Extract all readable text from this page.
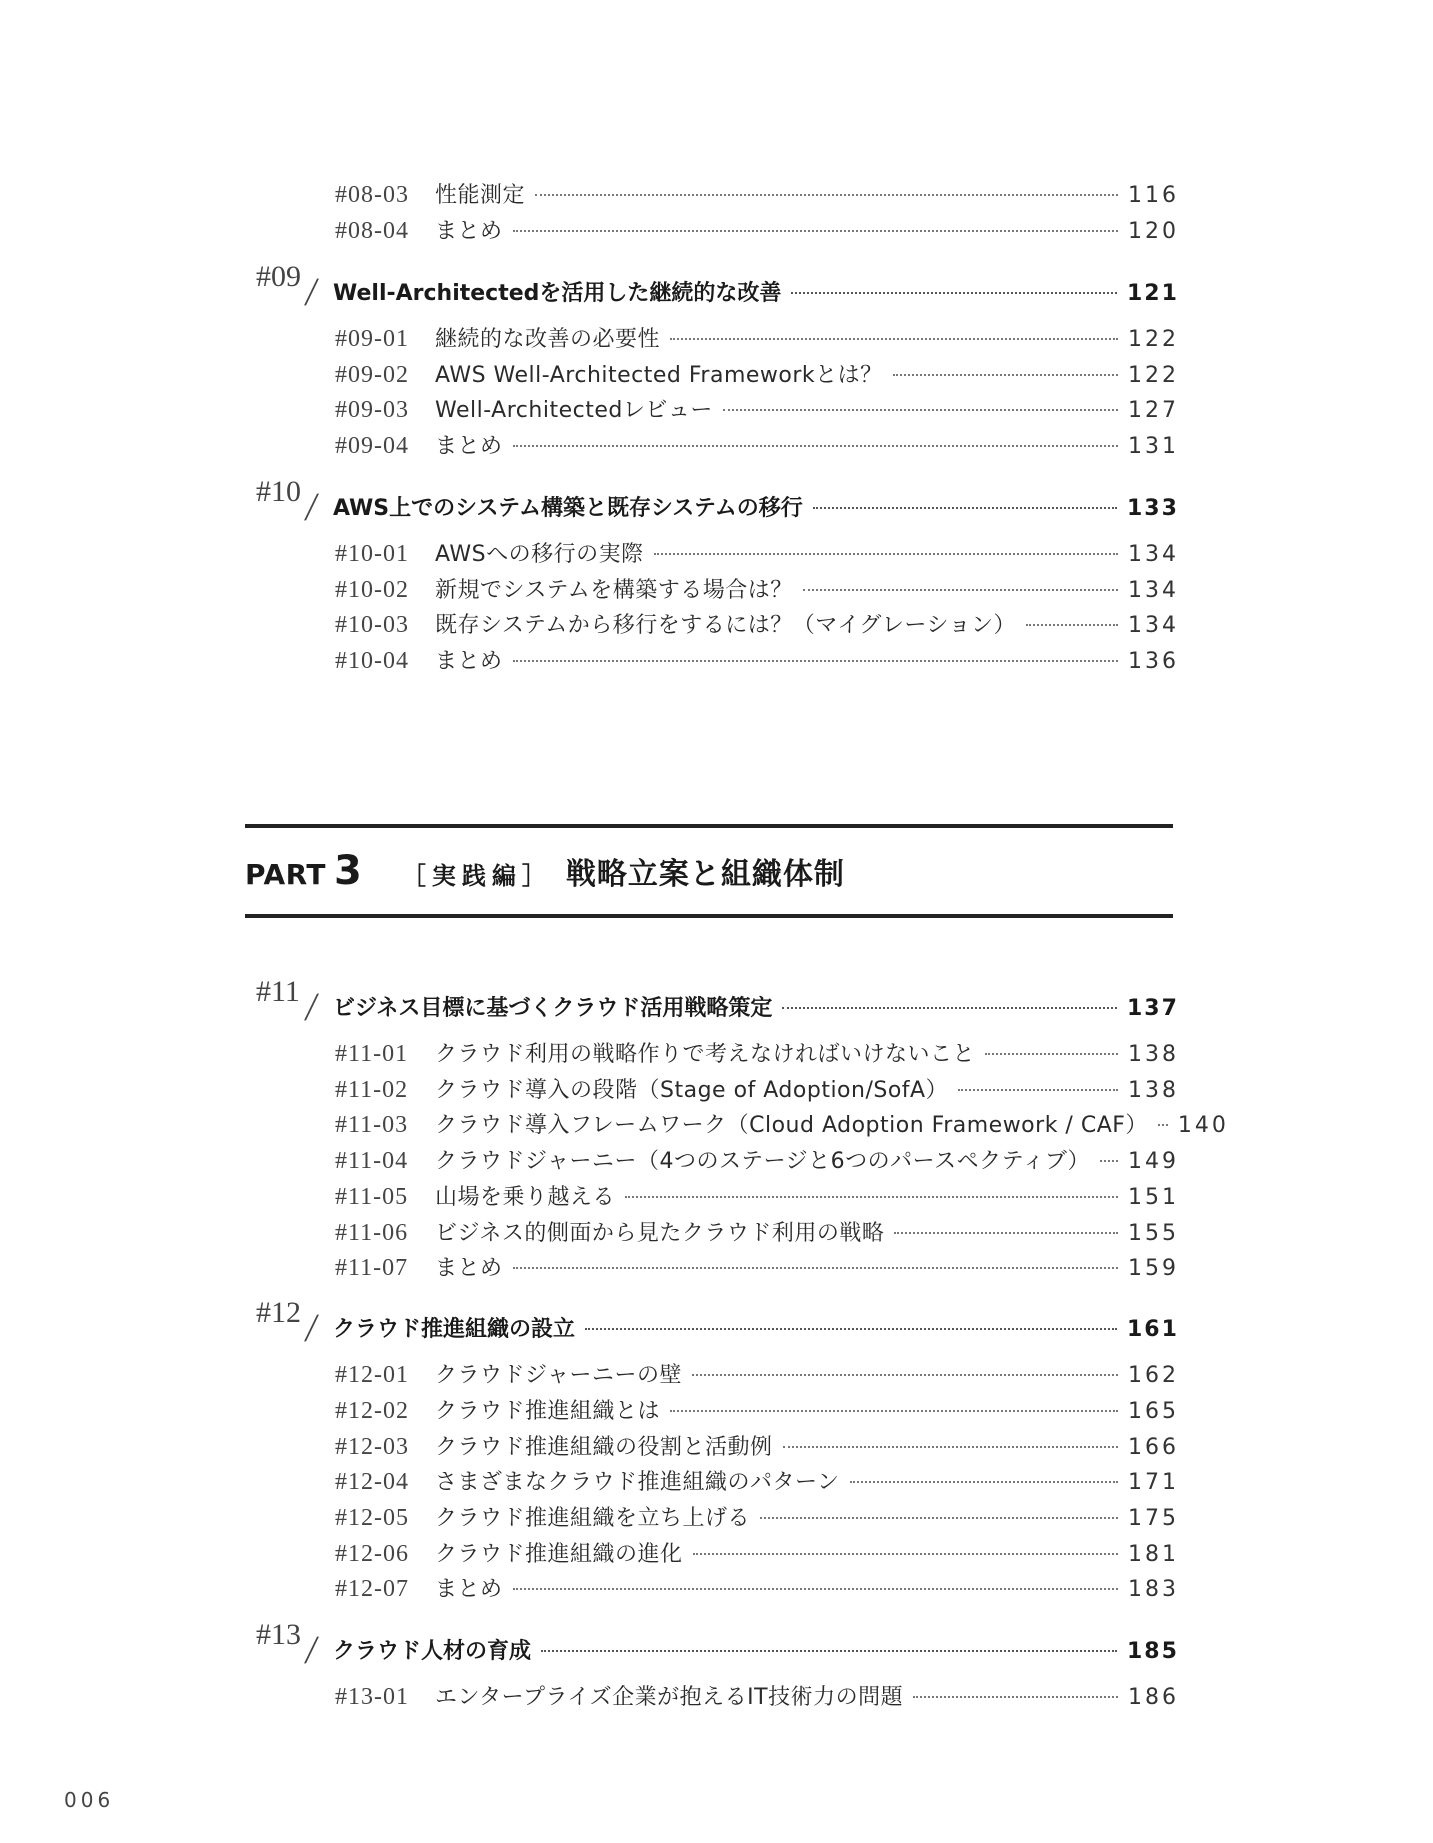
#08-03	性能測定	116
#08-04	まとめ	120
#09 / Well-Architectedを活用した継続的な改善	121
#09-01	継続的な改善の必要性	122
#09-02	AWS Well-Architected Frameworkとは？	122
#09-03	Well-Architectedレビュー	127
#09-04	まとめ	131
#10 / AWS上でのシステム構築と既存システムの移行	133
#10-01	AWSへの移行の実際	134
#10-02	新規でシステムを構築する場合は？	134
#10-03	既存システムから移行をするには？（マイグレーション）	134
#10-04	まとめ	136
PART 3 ［実践編］ 戦略立案と組織体制
#11 / ビジネス目標に基づくクラウド活用戦略策定	137
#11-01	クラウド利用の戦略作りで考えなければいけないこと	138
#11-02	クラウド導入の段階（Stage of Adoption/SofA）	138
#11-03	クラウド導入フレームワーク（Cloud Adoption Framework / CAF） 140
#11-04	クラウドジャーニー（4つのステージと6つのパースペクティブ） 149
#11-05	山場を乗り越える	151
#11-06	ビジネス的側面から見たクラウド利用の戦略	155
#11-07	まとめ	159
#12 / クラウド推進組織の設立	161
#12-01	クラウドジャーニーの壁	162
#12-02	クラウド推進組織とは	165
#12-03	クラウド推進組織の役割と活動例	166
#12-04	さまざまなクラウド推進組織のパターン	171
#12-05	クラウド推進組織を立ち上げる	175
#12-06	クラウド推進組織の進化	181
#12-07	まとめ	183
#13 / クラウド人材の育成	185
#13-01	エンタープライズ企業が抱えるIT技術力の問題	186
006
